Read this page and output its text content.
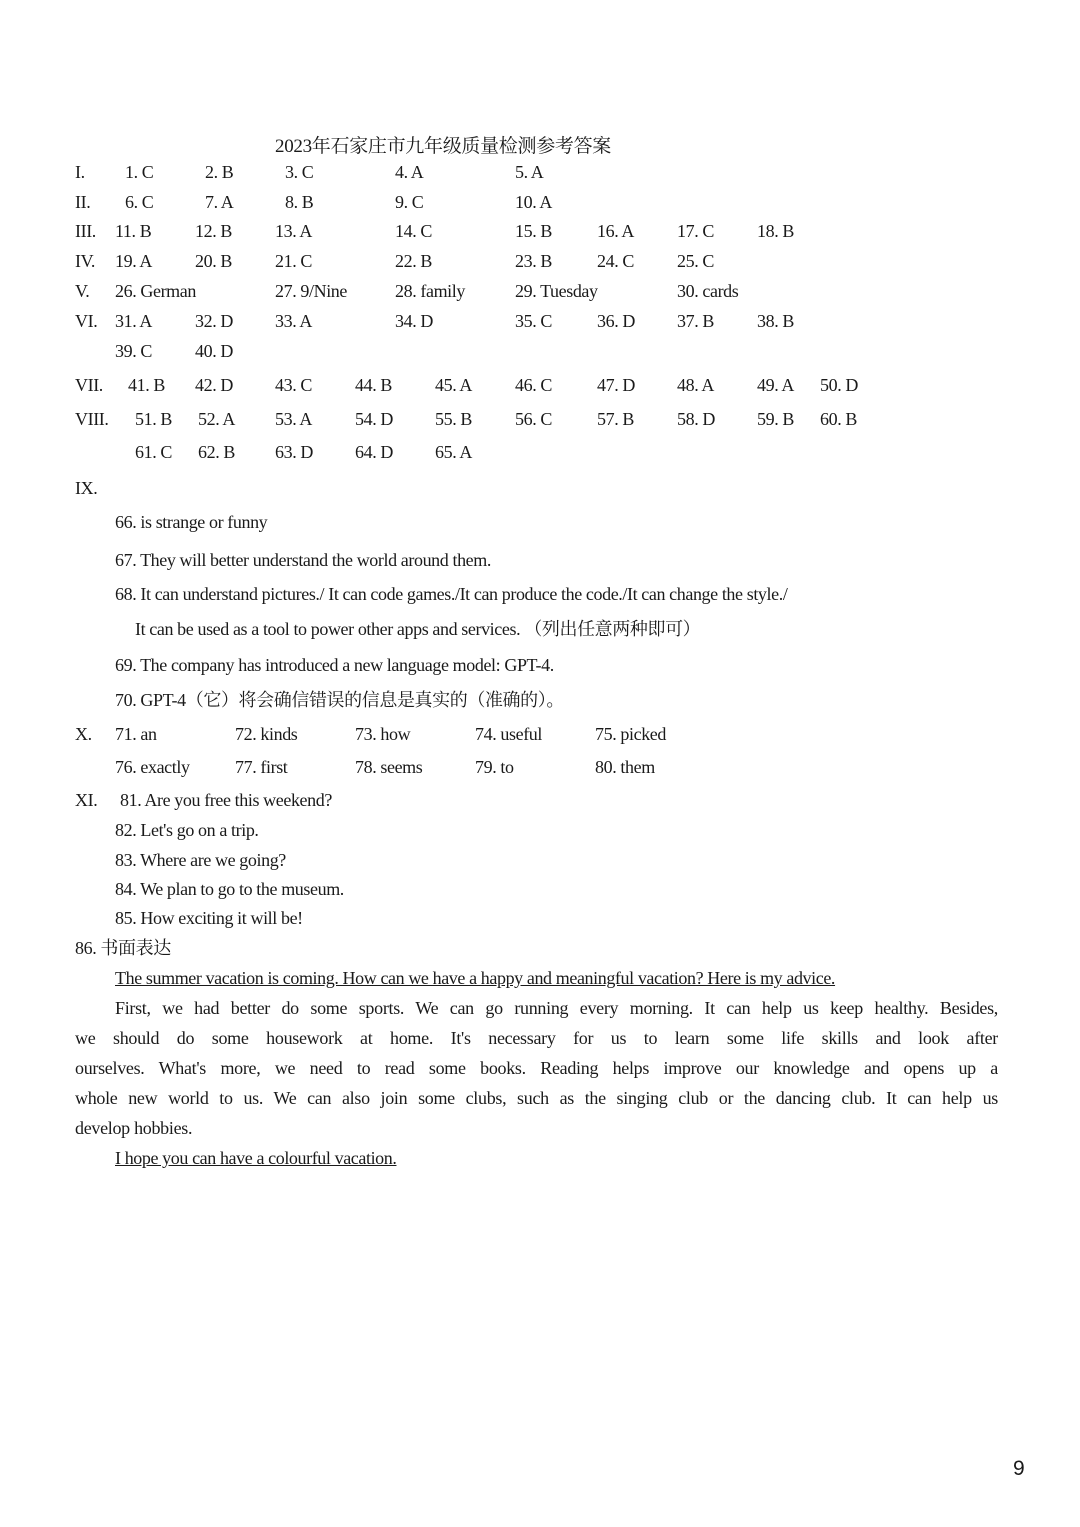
2023年石家庄市九年级质量检测参考答案
I. 1. C	2. B	3. C	4. A	5. A
II. 6. C	7. A	8. B	9. C	10. A
III. 11. B 12. B 13. A	14. C	15. B 16. A 17. C 18. B
IV. 19. A 20. B 21. C	22. B	23. B 24. C 25. C
V. 26. German	27. 9/Nine	28. family	29. Tuesday	30. cards
VI. 31. A 32. D 33. A	34. D	35. C 36. D 37. B 38. B
39. C 40. D
VII. 41. B 42. D 43. C 44. B 45. A 46. C 47. D 48. A 49. A 50. D
VIII. 51. B 52. A 53. A 54. D 55. B 56. C 57. B 58. D 59. B 60. B
61. C 62. B 63. D 64. D 65. A
IX.
66. is strange or funny
67. They will better understand the world around them.
68. It can understand pictures./ It can code games./It can produce the code./It can change the style./
It can be used as a tool to power other apps and services. （列出任意两种即可）
69. The company has introduced a new language model: GPT-4.
70. GPT-4（它）将会确信错误的信息是真实的（准确的）。
X. 71. an	72. kinds	73. how	74. useful	75. picked
76. exactly	77. first	78. seems	79. to	80. them
XI. 81. Are you free this weekend?
82. Let's go on a trip.
83. Where are we going?
84. We plan to go to the museum.
85. How exciting it will be!
86. 书面表达
The summer vacation is coming. How can we have a happy and meaningful vacation? Here is my advice.
First, we had better do some sports. We can go running every morning. It can help us keep healthy. Besides,
we should do some housework at home. It's necessary for us to learn some life skills and look after
ourselves. What's more, we need to read some books. Reading helps improve our knowledge and opens up a
whole new world to us. We can also join some clubs, such as the singing club or the dancing club. It can help us
develop hobbies.
I hope you can have a colourful vacation.
9
